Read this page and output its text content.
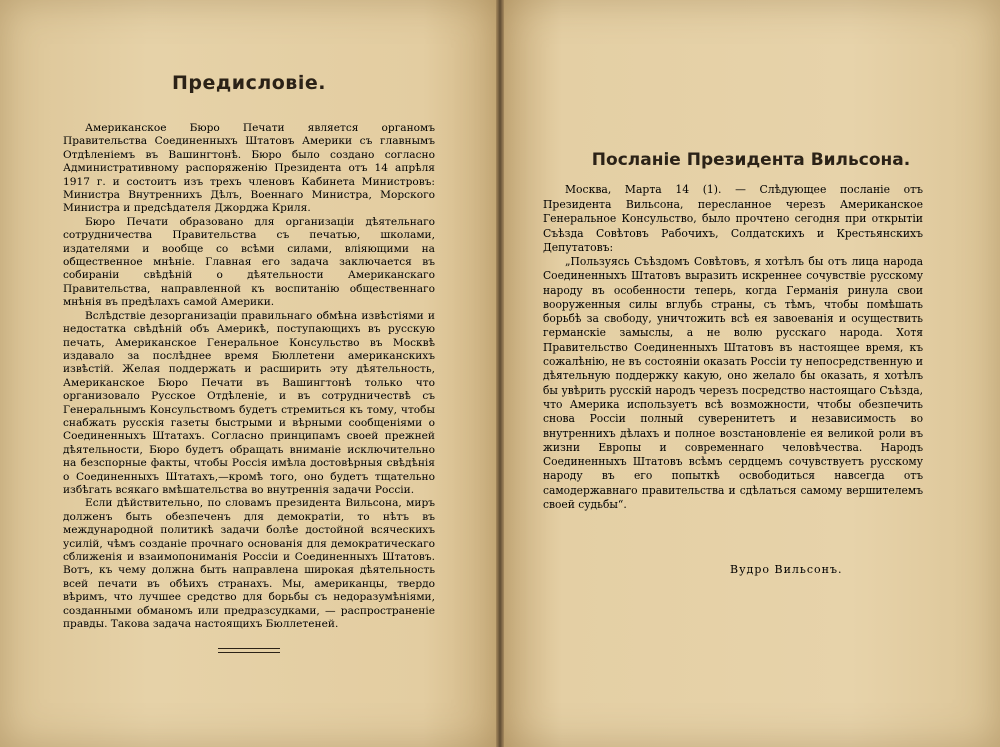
Предисловіе.
Посланіе Президента Вильсона.

Американское Бюро Печати является органомъ Правительства Соединенныхъ Штатовъ Америки съ главнымъ Отдѣленіемъ въ Вашингтонѣ. Бюро было создано согласно Административному распоряженію Президента отъ 14 апрѣля 1917 г. и состоитъ изъ трехъ членовъ Кабинета Министровъ: Министра Внутреннихъ Дѣлъ, Военнаго Министра, Морского Министра и предсѣдателя Джорджа Криля.

Бюро Печати образовано для организаціи дѣятельнаго сотрудничества Правительства съ печатью, школами, издателями и вообще со всѣми силами, вліяющими на общественное мнѣніе. Главная его задача заключается въ собираніи свѣдѣній о дѣятельности Американскаго Правительства, направленной къ воспитанію общественнаго мнѣнія въ предѣлахъ самой Америки.

Вслѣдствіе дезорганизаціи правильнаго обмѣна извѣстіями и недостатка свѣдѣній объ Америкѣ, поступающихъ въ русскую печать, Американское Генеральное Консульство въ Москвѣ издавало за послѣднее время Бюллетени американскихъ извѣстій. Желая поддержать и расширить эту дѣятельность, Американское Бюро Печати въ Вашингтонѣ только что организовало Русское Отдѣленіе, и въ сотрудничествѣ съ Генеральнымъ Консульствомъ будетъ стремиться къ тому, чтобы снабжать русскія газеты быстрыми и вѣрными сообщеніями о Соединенныхъ Штатахъ. Согласно принципамъ своей прежней дѣятельности, Бюро будетъ обращать вниманіе исключительно на безспорные факты, чтобы Россія имѣла достовѣрныя свѣдѣнія о Соединенныхъ Штатахъ,—кромѣ того, оно будетъ тщательно избѣгать всякаго вмѣшательства во внутреннія задачи Россіи.

Если дѣйствительно, по словамъ президента Вильсона, миръ долженъ быть обезпеченъ для демократіи, то нѣтъ въ международной политикѣ задачи болѣе достойной всяческихъ усилій, чѣмъ созданіе прочнаго основанія для демократическаго сближенія и взаимопониманія Россіи и Соединенныхъ Штатовъ. Вотъ, къ чему должна быть направлена широкая дѣятельность всей печати въ обѣихъ странахъ. Мы, американцы, твердо вѣримъ, что лучшее средство для борьбы съ недоразумѣніями, созданными обманомъ или предразсудками, — распространеніе правды. Такова задача настоящихъ Бюллетеней.

Москва, Марта 14 (1). — Слѣдующее посланіе отъ Президента Вильсона, пересланное черезъ Американское Генеральное Консульство, было прочтено сегодня при открытіи Съѣзда Совѣтовъ Рабочихъ, Солдатскихъ и Крестьянскихъ Депутатовъ:

„Пользуясь Съѣздомъ Совѣтовъ, я хотѣлъ бы отъ лица народа Соединенныхъ Штатовъ выразить искреннее сочувствіе русскому народу въ особенности теперь, когда Германія ринула свои вооруженныя силы вглубь страны, съ тѣмъ, чтобы помѣшать борьбѣ за свободу, уничтожить всѣ ея завоеванія и осуществить германскіе замыслы, а не волю русскаго народа. Хотя Правительство Соединенныхъ Штатовъ въ настоящее время, къ сожалѣнію, не въ состояніи оказать Россіи ту непосредственную и дѣятельную поддержку какую, оно желало бы оказать, я хотѣлъ бы увѣрить русскій народъ черезъ посредство настоящаго Съѣзда, что Америка используетъ всѣ возможности, чтобы обезпечить снова Россіи полный суверенитетъ и независимость во внутреннихъ дѣлахъ и полное возстановленіе ея великой роли въ жизни Европы и современнаго человѣчества. Народъ Соединенныхъ Штатовъ всѣмъ сердцемъ сочувствуетъ русскому народу въ его попыткѣ освободиться навсегда отъ самодержавнаго правительства и сдѣлаться самому вершителемъ своей судьбы“.

Вудро Вильсонъ.
